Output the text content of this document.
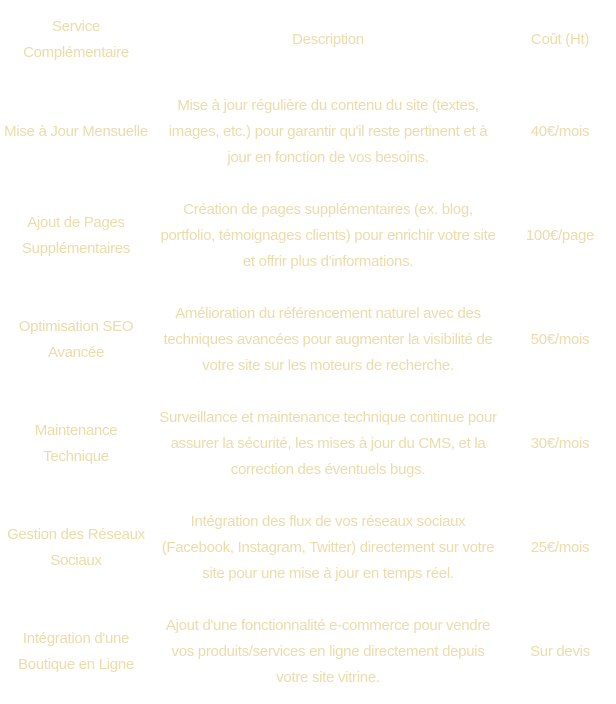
Service Complémentaire	Description	Coût (Ht)

Mise à Jour Mensuelle	Mise à jour régulière du contenu du site (textes, images, etc.) pour garantir qu'il reste pertinent et à jour en fonction de vos besoins.	40€/mois

Ajout de Pages Supplémentaires	Création de pages supplémentaires (ex. blog, portfolio, témoignages clients) pour enrichir votre site et offrir plus d'informations.	100€/page

Optimisation SEO Avancée	Amélioration du référencement naturel avec des techniques avancées pour augmenter la visibilité de votre site sur les moteurs de recherche.	50€/mois

Maintenance Technique	Surveillance et maintenance technique continue pour assurer la sécurité, les mises à jour du CMS, et la correction des éventuels bugs.	30€/mois

Gestion des Réseaux Sociaux	Intégration des flux de vos réseaux sociaux (Facebook, Instagram, Twitter) directement sur votre site pour une mise à jour en temps réel.	25€/mois

Intégration d'une Boutique en Ligne	Ajout d'une fonctionnalité e-commerce pour vendre vos produits/services en ligne directement depuis votre site vitrine.	Sur devis
